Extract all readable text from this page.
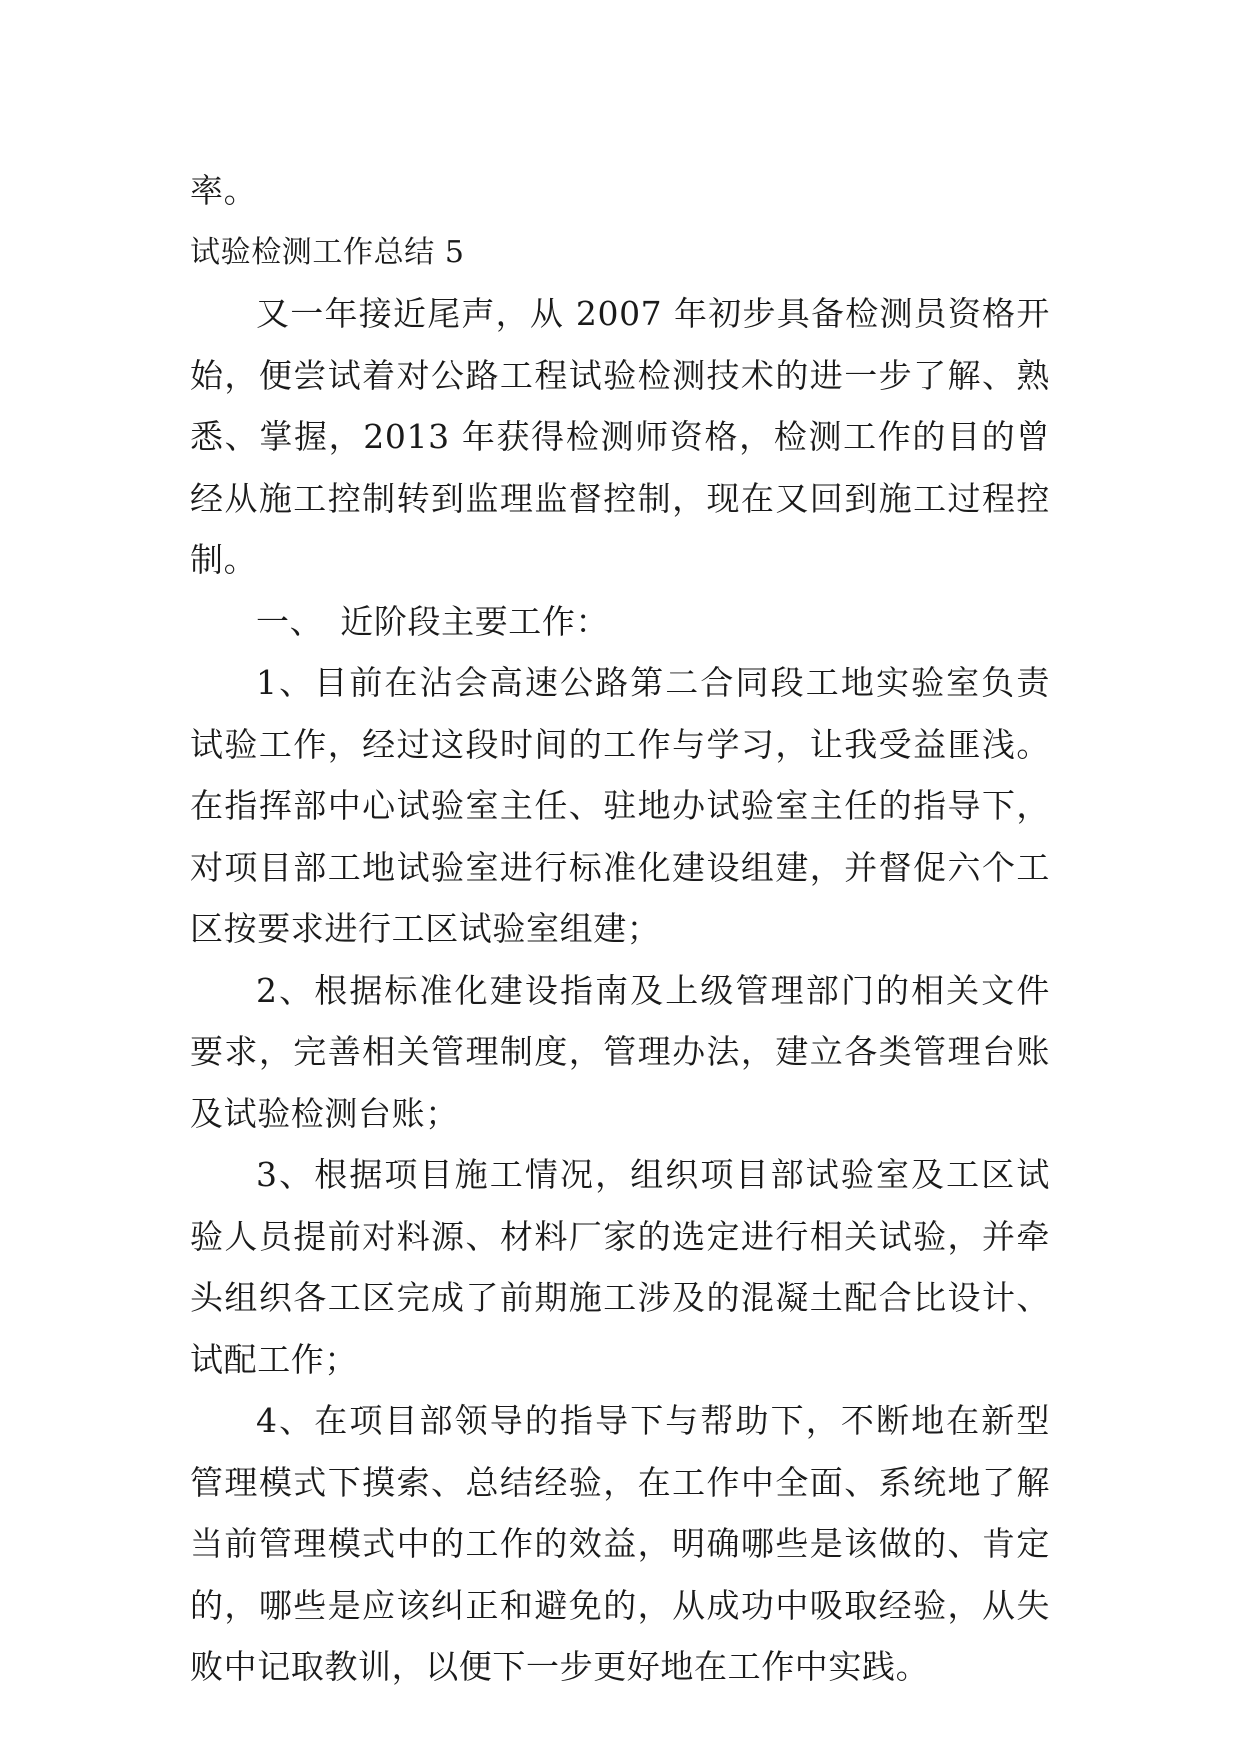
率。

试验检测工作总结 5

又一年接近尾声，从 2007 年初步具备检测员资格开始，便尝试着对公路工程试验检测技术的进一步了解、熟悉、掌握，2013 年获得检测师资格，检测工作的目的曾经从施工控制转到监理监督控制，现在又回到施工过程控制。

一、　近阶段主要工作：

1、目前在沾会高速公路第二合同段工地实验室负责试验工作，经过这段时间的工作与学习，让我受益匪浅。在指挥部中心试验室主任、驻地办试验室主任的指导下，对项目部工地试验室进行标准化建设组建，并督促六个工区按要求进行工区试验室组建；

2、根据标准化建设指南及上级管理部门的相关文件要求，完善相关管理制度，管理办法，建立各类管理台账及试验检测台账；

3、根据项目施工情况，组织项目部试验室及工区试验人员提前对料源、材料厂家的选定进行相关试验，并牵头组织各工区完成了前期施工涉及的混凝土配合比设计、试配工作；

4、在项目部领导的指导下与帮助下，不断地在新型管理模式下摸索、总结经验，在工作中全面、系统地了解当前管理模式中的工作的效益，明确哪些是该做的、肯定的，哪些是应该纠正和避免的，从成功中吸取经验，从失败中记取教训，以便下一步更好地在工作中实践。
